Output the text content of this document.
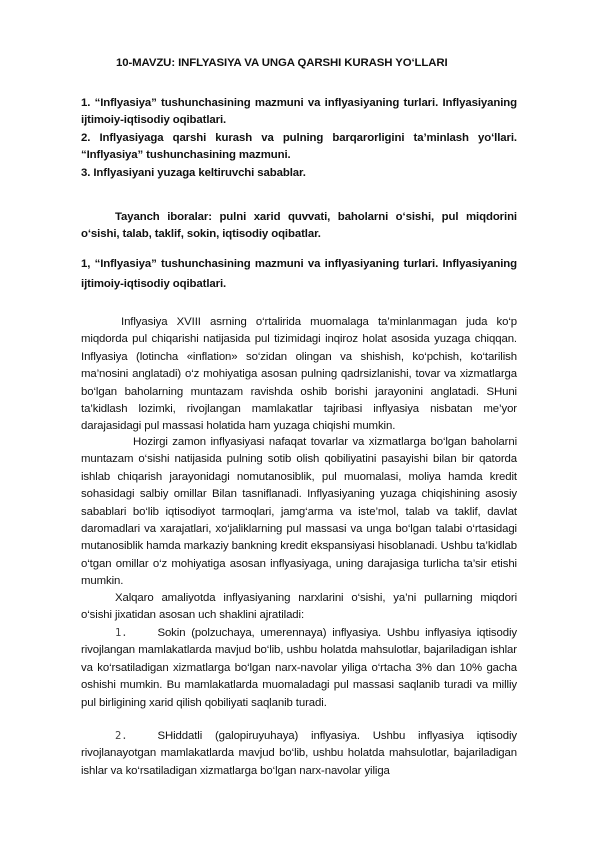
10-MAVZU: INFLYASIYA VA UNGA QARSHI KURASH YO‘LLARI
1. “Inflyasiya” tushunchasining mazmuni va inflyasiyaning turlari. Inflyasiyaning ijtimoiy-iqtisodiy oqibatlari.
2. Inflyasiyaga qarshi kurash va pulning barqarorligini ta’minlash yo‘llari. “Inflyasiya” tushunchasining mazmuni.
3. Inflyasiyani yuzaga keltiruvchi sabablar.
Tayanch iboralar: pulni xarid quvvati, baholarni o‘sishi, pul miqdorini o‘sishi, talab, taklif, sokin, iqtisodiy oqibatlar.
1, “Inflyasiya” tushunchasining mazmuni va inflyasiyaning turlari. Inflyasiyaning ijtimoiy-iqtisodiy oqibatlari.
Inflyasiya XVIII asrning o‘rtalirida muomalaga ta’minlanmagan juda ko‘p miqdorda pul chiqarishi natijasida pul tizimidagi inqiroz holat asosida yuzaga chiqqan. Inflyasiya (lotincha «inflation» so‘zidan olingan va shishish, ko‘pchish, ko‘tarilish ma’nosini anglatadi) o‘z mohiyatiga asosan pulning qadrsizlanishi, tovar va xizmatlarga bo‘lgan baholarning muntazam ravishda oshib borishi jarayonini anglatadi. SHuni ta’kidlash lozimki, rivojlangan mamlakatlar tajribasi inflyasiya nisbatan me’yor darajasidagi pul massasi holatida ham yuzaga chiqishi mumkin.
Hozirgi zamon inflyasiyasi nafaqat tovarlar va xizmatlarga bo‘lgan baholarni muntazam o‘sishi natijasida pulning sotib olish qobiliyatini pasayishi bilan bir qatorda ishlab chiqarish jarayonidagi nomutanosiblik, pul muomalasi, moliya hamda kredit sohasidagi salbiy omillar Bilan tasniflanadi. Inflyasiyaning yuzaga chiqishining asosiy sabablari bo‘lib iqtisodiyot tarmoqlari, jamg‘arma va iste’mol, talab va taklif, davlat daromadlari va xarajatlari, xo‘jaliklarning pul massasi va unga bo‘lgan talabi o‘rtasidagi mutanosiblik hamda markaziy bankning kredit ekspansiyasi hisoblanadi. Ushbu ta’kidlab o‘tgan omillar o‘z mohiyatiga asosan inflyasiyaga, uning darajasiga turlicha ta’sir etishi mumkin.
Xalqaro amaliyotda inflyasiyaning narxlarini o‘sishi, ya’ni pullarning miqdori o‘sishi jixatidan asosan uch shaklini ajratiladi:
1.	Sokin (polzuchaya, umerennaya) inflyasiya. Ushbu inflyasiya iqtisodiy rivojlangan mamlakatlarda mavjud bo‘lib, ushbu holatda mahsulotlar, bajariladigan ishlar va ko‘rsatiladigan xizmatlarga bo‘lgan narx-navolar yiliga o‘rtacha 3% dan 10% gacha oshishi mumkin. Bu mamlakatlarda muomaladagi pul massasi saqlanib turadi va milliy pul birligining xarid qilish qobiliyati saqlanib turadi.
2.	SHiddatli (galopiruyuhaya) inflyasiya. Ushbu inflyasiya iqtisodiy rivojlanayotgan mamlakatlarda mavjud bo‘lib, ushbu holatda mahsulotlar, bajariladigan ishlar va ko‘rsatiladigan xizmatlarga bo‘lgan narx-navolar yiliga
